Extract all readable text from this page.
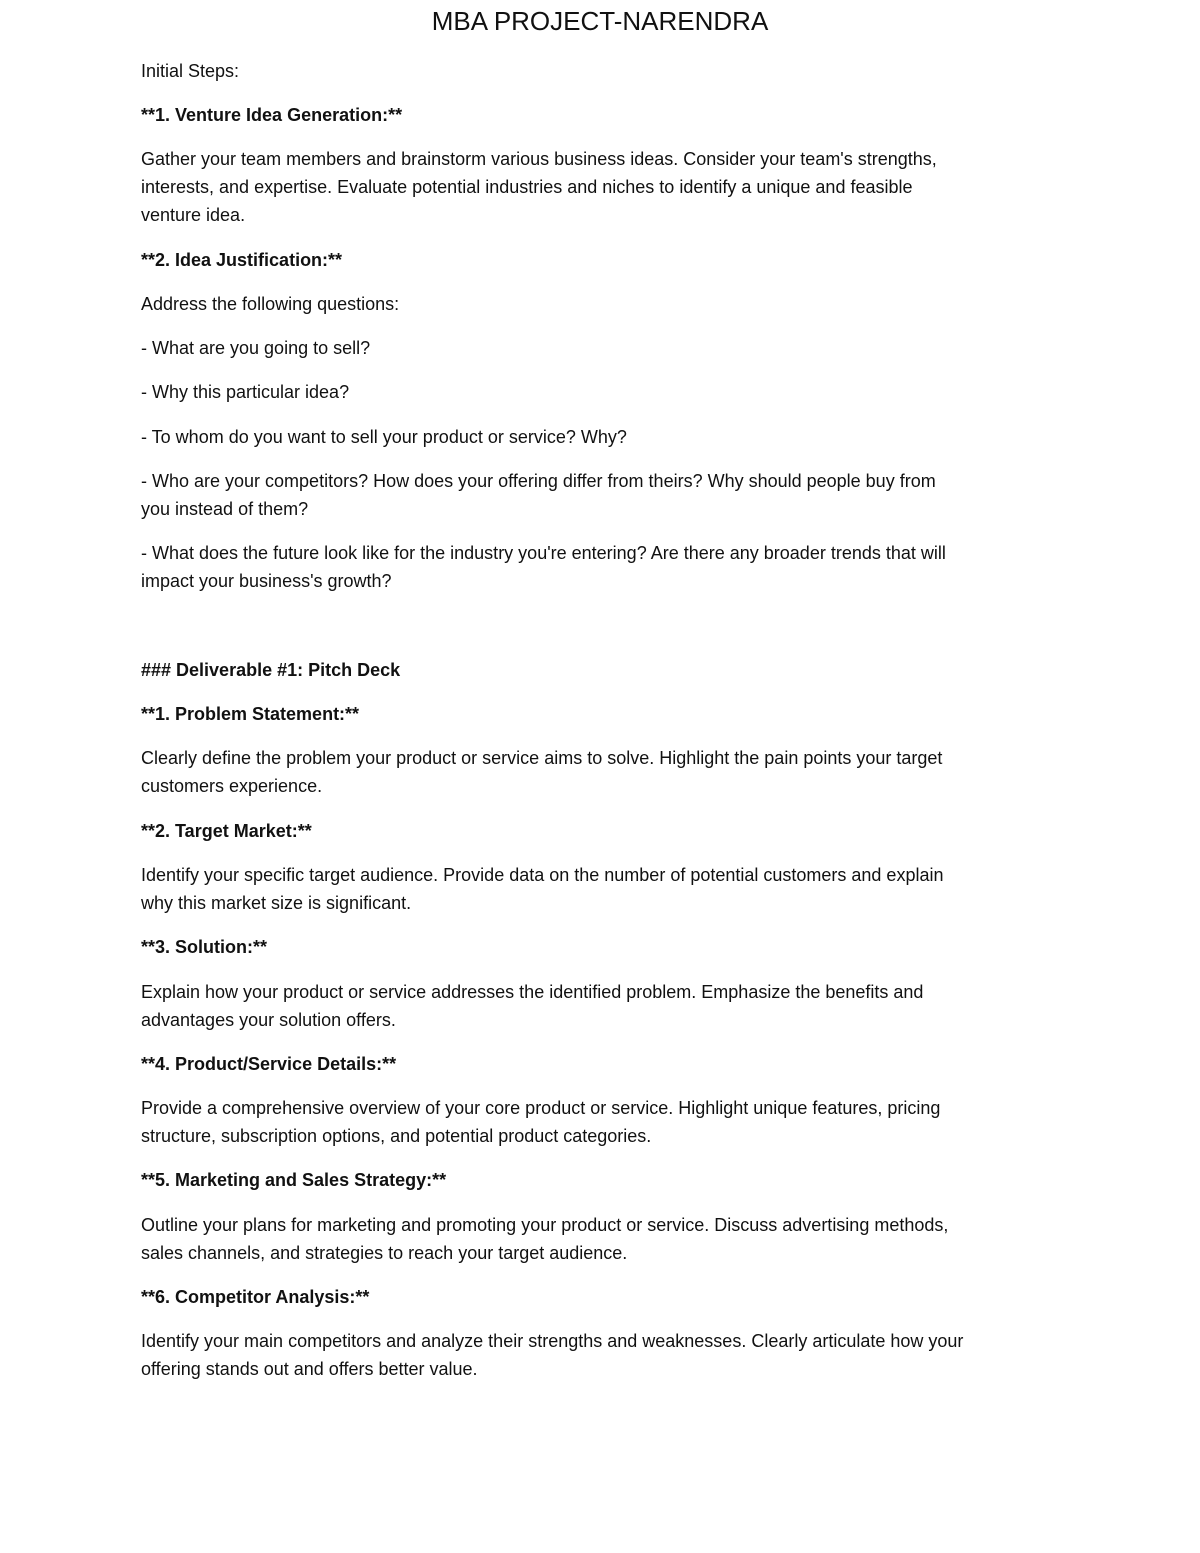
MBA PROJECT-NARENDRA

Initial Steps:

**1. Venture Idea Generation:**

Gather your team members and brainstorm various business ideas. Consider your team's strengths,

interests, and expertise. Evaluate potential industries and niches to identify a unique and feasible

venture idea.

**2. Idea Justification:**

Address the following questions:

- What are you going to sell?

- Why this particular idea?

- To whom do you want to sell your product or service? Why?

- Who are your competitors? How does your offering differ from theirs? Why should people buy from

you instead of them?

- What does the future look like for the industry you're entering? Are there any broader trends that will

impact your business's growth?

### Deliverable #1: Pitch Deck

**1. Problem Statement:**

Clearly define the problem your product or service aims to solve. Highlight the pain points your target

customers experience.

**2. Target Market:**

Identify your specific target audience. Provide data on the number of potential customers and explain

why this market size is significant.

**3. Solution:**

Explain how your product or service addresses the identified problem. Emphasize the benefits and

advantages your solution offers.

**4. Product/Service Details:**

Provide a comprehensive overview of your core product or service. Highlight unique features, pricing

structure, subscription options, and potential product categories.

**5. Marketing and Sales Strategy:**

Outline your plans for marketing and promoting your product or service. Discuss advertising methods,

sales channels, and strategies to reach your target audience.

**6. Competitor Analysis:**

Identify your main competitors and analyze their strengths and weaknesses. Clearly articulate how your

offering stands out and offers better value.
